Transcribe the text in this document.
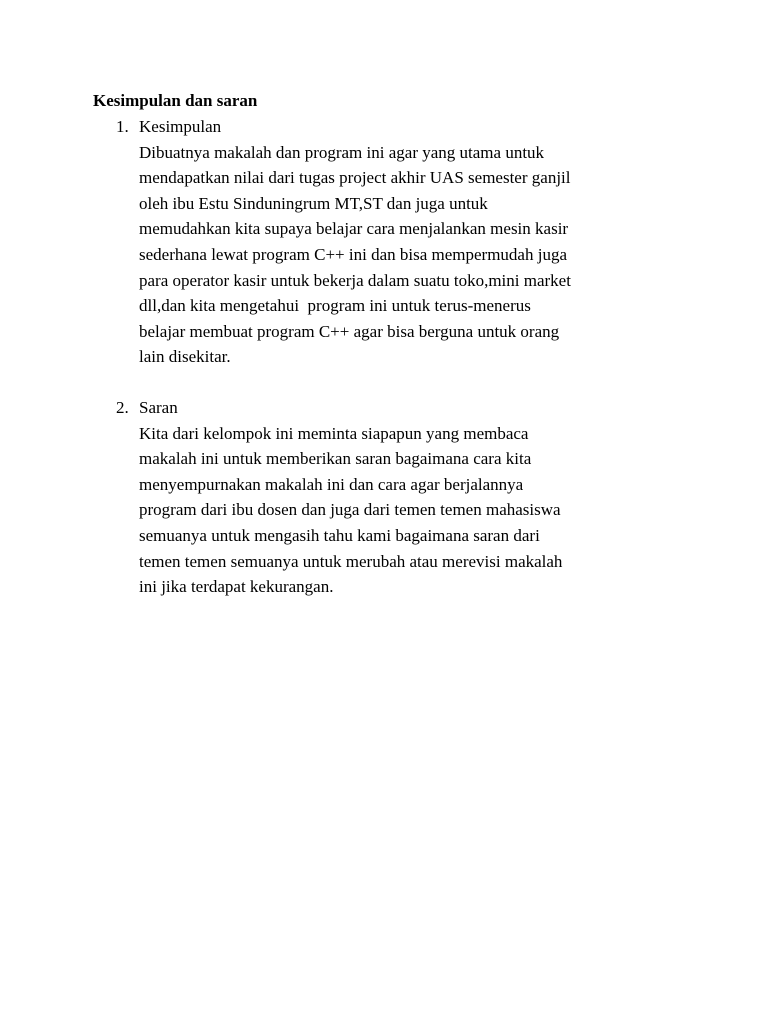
Kesimpulan dan saran
1. Kesimpulan
Dibuatnya makalah dan program ini agar yang utama untuk
mendapatkan nilai dari tugas project akhir UAS semester ganjil
oleh ibu Estu Sinduningrum MT,ST dan juga untuk
memudahkan kita supaya belajar cara menjalankan mesin kasir
sederhana lewat program C++ ini dan bisa mempermudah juga
para operator kasir untuk bekerja dalam suatu toko,mini market
dll,dan kita mengetahui  program ini untuk terus-menerus
belajar membuat program C++ agar bisa berguna untuk orang
lain disekitar.
2. Saran
Kita dari kelompok ini meminta siapapun yang membaca
makalah ini untuk memberikan saran bagaimana cara kita
menyempurnakan makalah ini dan cara agar berjalannya
program dari ibu dosen dan juga dari temen temen mahasiswa
semuanya untuk mengasih tahu kami bagaimana saran dari
temen temen semuanya untuk merubah atau merevisi makalah
ini jika terdapat kekurangan.
